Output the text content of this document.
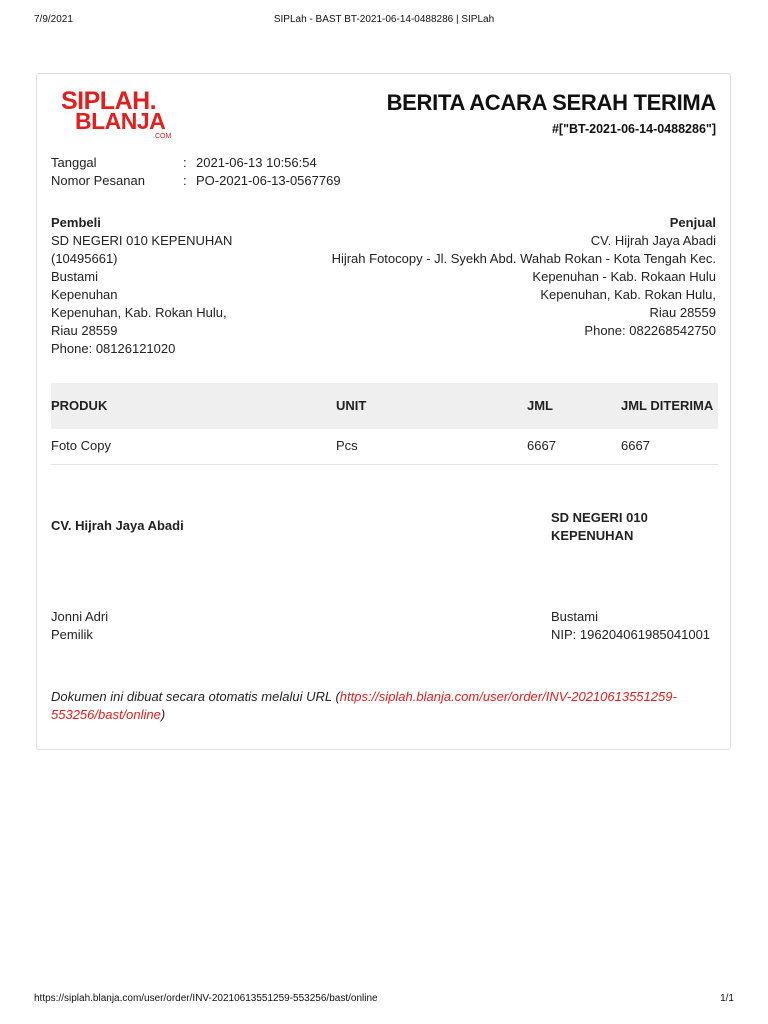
7/9/2021	SIPLah - BAST BT-2021-06-14-0488286 | SIPLah
SIPLAH.
BLANJA
.COM
BERITA ACARA SERAH TERIMA
#["BT-2021-06-14-0488286"]
Tanggal	: 2021-06-13 10:56:54
Nomor Pesanan	: PO-2021-06-13-0567769
Pembeli
SD NEGERI 010 KEPENUHAN
(10495661)
Bustami
Kepenuhan
Kepenuhan, Kab. Rokan Hulu,
Riau 28559
Phone: 08126121020
Penjual
CV. Hijrah Jaya Abadi
Hijrah Fotocopy - Jl. Syekh Abd. Wahab Rokan - Kota Tengah Kec.
Kepenuhan - Kab. Rokaan Hulu
Kepenuhan, Kab. Rokan Hulu,
Riau 28559
Phone: 082268542750
PRODUK	UNIT	JML	JML DITERIMA
Foto Copy	Pcs	6667	6667
CV. Hijrah Jaya Abadi
SD NEGERI 010 KEPENUHAN
Jonni Adri
Pemilik
Bustami
NIP: 196204061985041001
Dokumen ini dibuat secara otomatis melalui URL (https://siplah.blanja.com/user/order/INV-20210613551259-553256/bast/online)
https://siplah.blanja.com/user/order/INV-20210613551259-553256/bast/online	1/1
